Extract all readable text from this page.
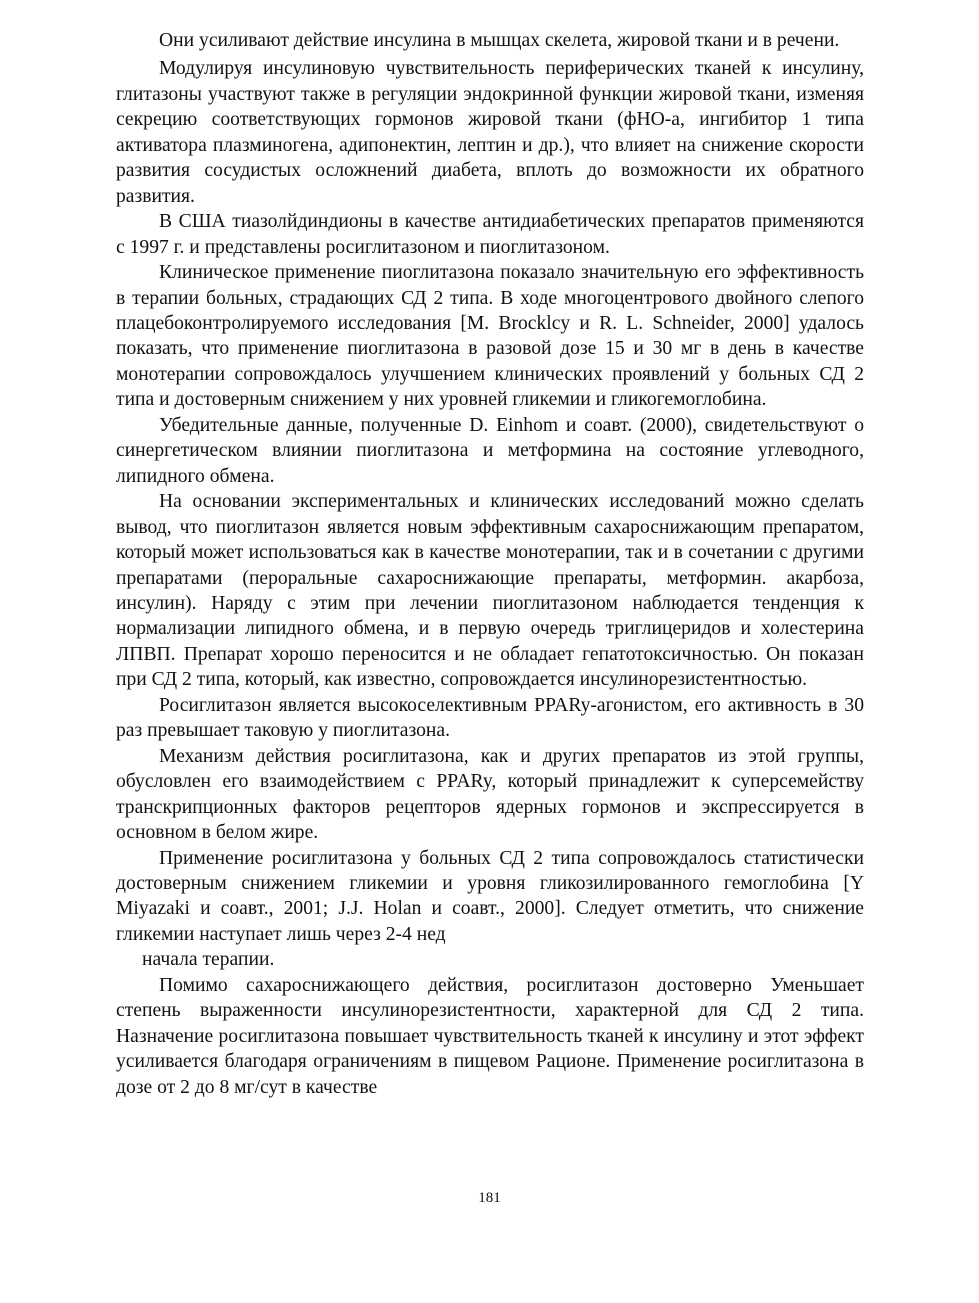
Они усиливают действие инсулина в мышцах скелета, жировой ткани и в речени.

Модулируя инсулиновую чувствительность периферических тканей к инсулину, глитазоны участвуют также в регуляции эндокринной функции жировой ткани, изменяя секрецию соответствующих гормонов жировой ткани (фНО-а, ингибитор 1 типа активатора плазминогена, адипонектин, лептин и др.), что влияет на снижение скорости развития сосудистых осложнений диабета, вплоть до возможности их обратного развития.

В США тиазолйдиндионы в качестве антидиабетических препаратов применяются с 1997 г. и представлены росиглитазоном и пиоглитазоном.

Клиническое применение пиоглитазона показало значительную его эффективность в терапии больных, страдающих СД 2 типа. В ходе многоцентрового двойного слепого плацебоконтролируемого исследования [M. Brocklcy и R. L. Schneider, 2000] удалось показать, что применение пиоглитазона в разовой дозе 15 и 30 мг в день в качестве монотерапии сопровождалось улучшением клинических проявлений у больных СД 2 типа и достоверным снижением у них уровней гликемии и гликогемоглобина.

Убедительные данные, полученные D. Einhom и соавт. (2000), свидетельствуют о синергетическом влиянии пиоглитазона и метформина на состояние углеводного, липидного обмена.

На основании экспериментальных и клинических исследований можно сделать вывод, что пиоглитазон является новым эффективным сахароснижающим препаратом, который может использоваться как в качестве монотерапии, так и в сочетании с другими препаратами (пероральные сахароснижающие препараты, метформин. акарбоза, инсулин). Наряду с этим при лечении пиоглитазоном наблюдается тенденция к нормализации липидного обмена, и в первую очередь триглицеридов и холестерина ЛПВП. Препарат хорошо переносится и не обладает гепатотоксичностью. Он показан при СД 2 типа, который, как известно, сопровождается инсулинорезистентностью.

Росиглитазон является высокоселективным PPARy-агонистом, его активность в 30 раз превышает таковую у пиоглитазона.

Механизм действия росиглитазона, как и других препаратов из этой группы, обусловлен его взаимодействием с PPARy, который принадлежит к суперсемейству транскрипционных факторов рецепторов ядерных гормонов и экспрессируется в основном в белом жире.

Применение росиглитазона у больных СД 2 типа сопровождалось статистически достоверным снижением гликемии и уровня гликозилированного гемоглобина [Y Miyazaki и соавт., 2001; J.J. Holan и соавт., 2000]. Следует отметить, что снижение гликемии наступает лишь через 2-4 нед

начала терапии.

Помимо сахароснижающего действия, росиглитазон достоверно Уменьшает степень выраженности инсулинорезистентности, характерной для СД 2 типа. Назначение росиглитазона повышает чувствительность тканей к инсулину и этот эффект усиливается благодаря ограничениям в пищевом Рационе. Применение росиглитазона в дозе от 2 до 8 мг/сут в качестве

181
